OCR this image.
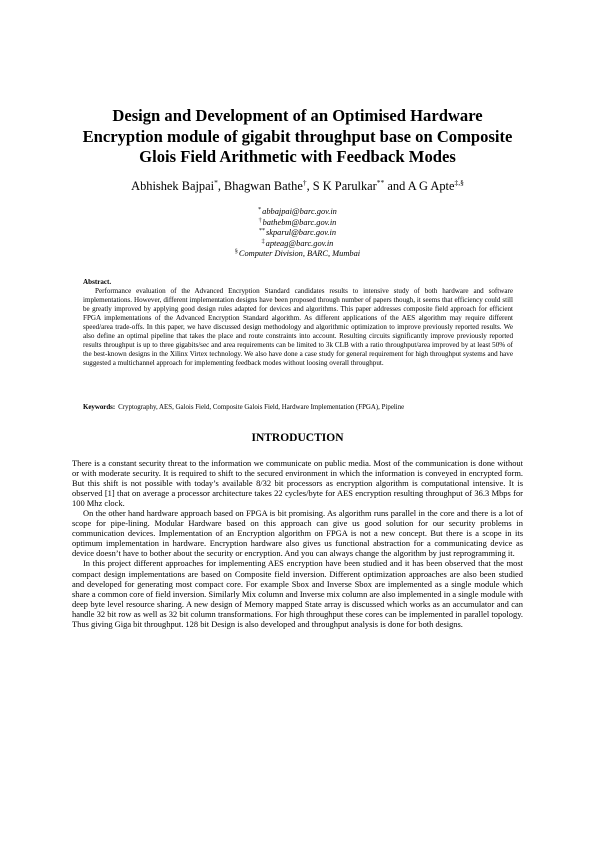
Design and Development of an Optimised Hardware
Encryption module of gigabit throughput base on Composite
Glois Field Arithmetic with Feedback Modes
Abhishek Bajpai*, Bhagwan Bathe†, S K Parulkar** and A G Apte‡,§
*abbajpai@barc.gov.in
†bathebm@barc.gov.in
**skparul@barc.gov.in
‡apteag@barc.gov.in
§Computer Division, BARC, Mumbai
Abstract.
Performance evaluation of the Advanced Encryption Standard candidates results to intensive study of both hardware and software implementations. However, different implementation designs have been proposed through number of papers though, it seems that efficiency could still be greatly improved by applying good design rules adapted for devices and algorithms. This paper addresses composite field approach for efficient FPGA implementations of the Advanced Encryption Standard algorithm. As different applications of the AES algorithm may require different speed/area trade-offs. In this paper, we have discussed design methodology and algorithmic optimization to improve previously reported results. We also define an optimal pipeline that takes the place and route constraints into account. Resulting circuits significantly improve previously reported results throughput is up to three gigabits/sec and area requirements can be limited to 3k CLB with a ratio throughput/area improved by at least 50% of the best-known designs in the Xilinx Virtex technology. We also have done a case study for general requirement for high throughput systems and have suggested a multichannel approach for implementing feedback modes without loosing overall throughput.
Keywords: Cryptography, AES, Galois Field, Composite Galois Field, Hardware Implementation (FPGA), Pipeline
INTRODUCTION

There is a constant security threat to the information we communicate on public media. Most of the communication is done without or with moderate security. It is required to shift to the secured environment in which the information is conveyed in encrypted form. But this shift is not possible with today’s available 8/32 bit processors as encryption algorithm is computational intensive. It is observed [1] that on average a processor architecture takes 22 cycles/byte for AES encryption resulting throughput of 36.3 Mbps for 100 Mhz clock.

On the other hand hardware approach based on FPGA is bit promising. As algorithm runs parallel in the core and there is a lot of scope for pipe-lining. Modular Hardware based on this approach can give us good solution for our security problems in communication devices. Implementation of an Encryption algorithm on FPGA is not a new concept. But there is a scope in its optimum implementation in hardware. Encryption hardware also gives us functional abstraction for a communicating device as device doesn’t have to bother about the security or encryption. And you can always change the algorithm by just reprogramming it.

In this project different approaches for implementing AES encryption have been studied and it has been observed that the most compact design implementations are based on Composite field inversion. Different optimization approaches are also been studied and developed for generating most compact core. For example Sbox and Inverse Sbox are implemented as a single module which share a common core of field inversion. Similarly Mix column and Inverse mix column are also implemented in a single module with deep byte level resource sharing. A new design of Memory mapped State array is discussed which works as an accumulator and can handle 32 bit row as well as 32 bit column transformations. For high throughput these cores can be implemented in parallel topology. Thus giving Giga bit throughput. 128 bit Design is also developed and throughput analysis is done for both designs.
